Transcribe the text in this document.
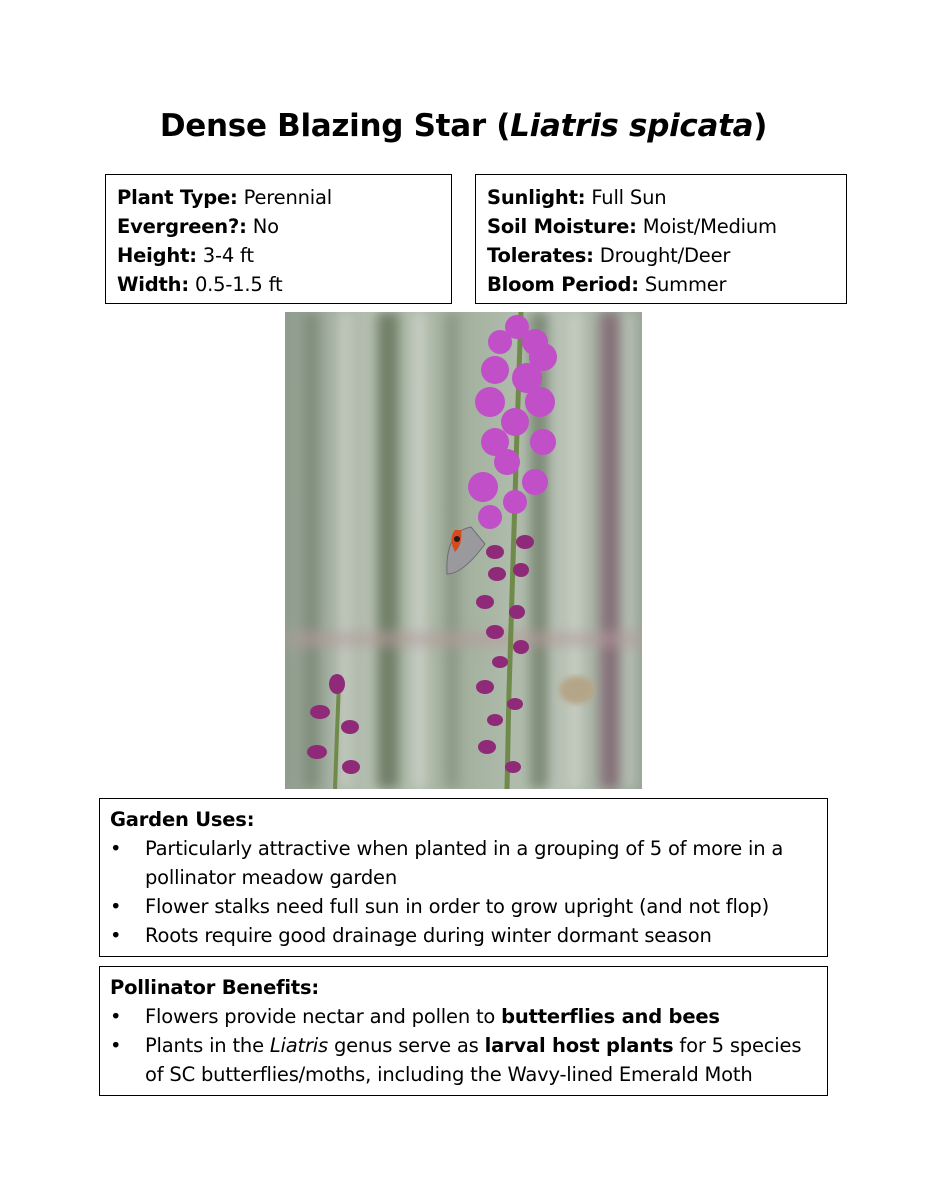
Dense Blazing Star (Liatris spicata)
Plant Type: Perennial
Evergreen?: No
Height: 3-4 ft
Width: 0.5-1.5 ft
Sunlight: Full Sun
Soil Moisture: Moist/Medium
Tolerates: Drought/Deer
Bloom Period: Summer
Garden Uses:
• Particularly attractive when planted in a grouping of 5 of more in a pollinator meadow garden
• Flower stalks need full sun in order to grow upright (and not flop)
• Roots require good drainage during winter dormant season
Pollinator Benefits:
• Flowers provide nectar and pollen to butterflies and bees
• Plants in the Liatris genus serve as larval host plants for 5 species of SC butterflies/moths, including the Wavy-lined Emerald Moth
